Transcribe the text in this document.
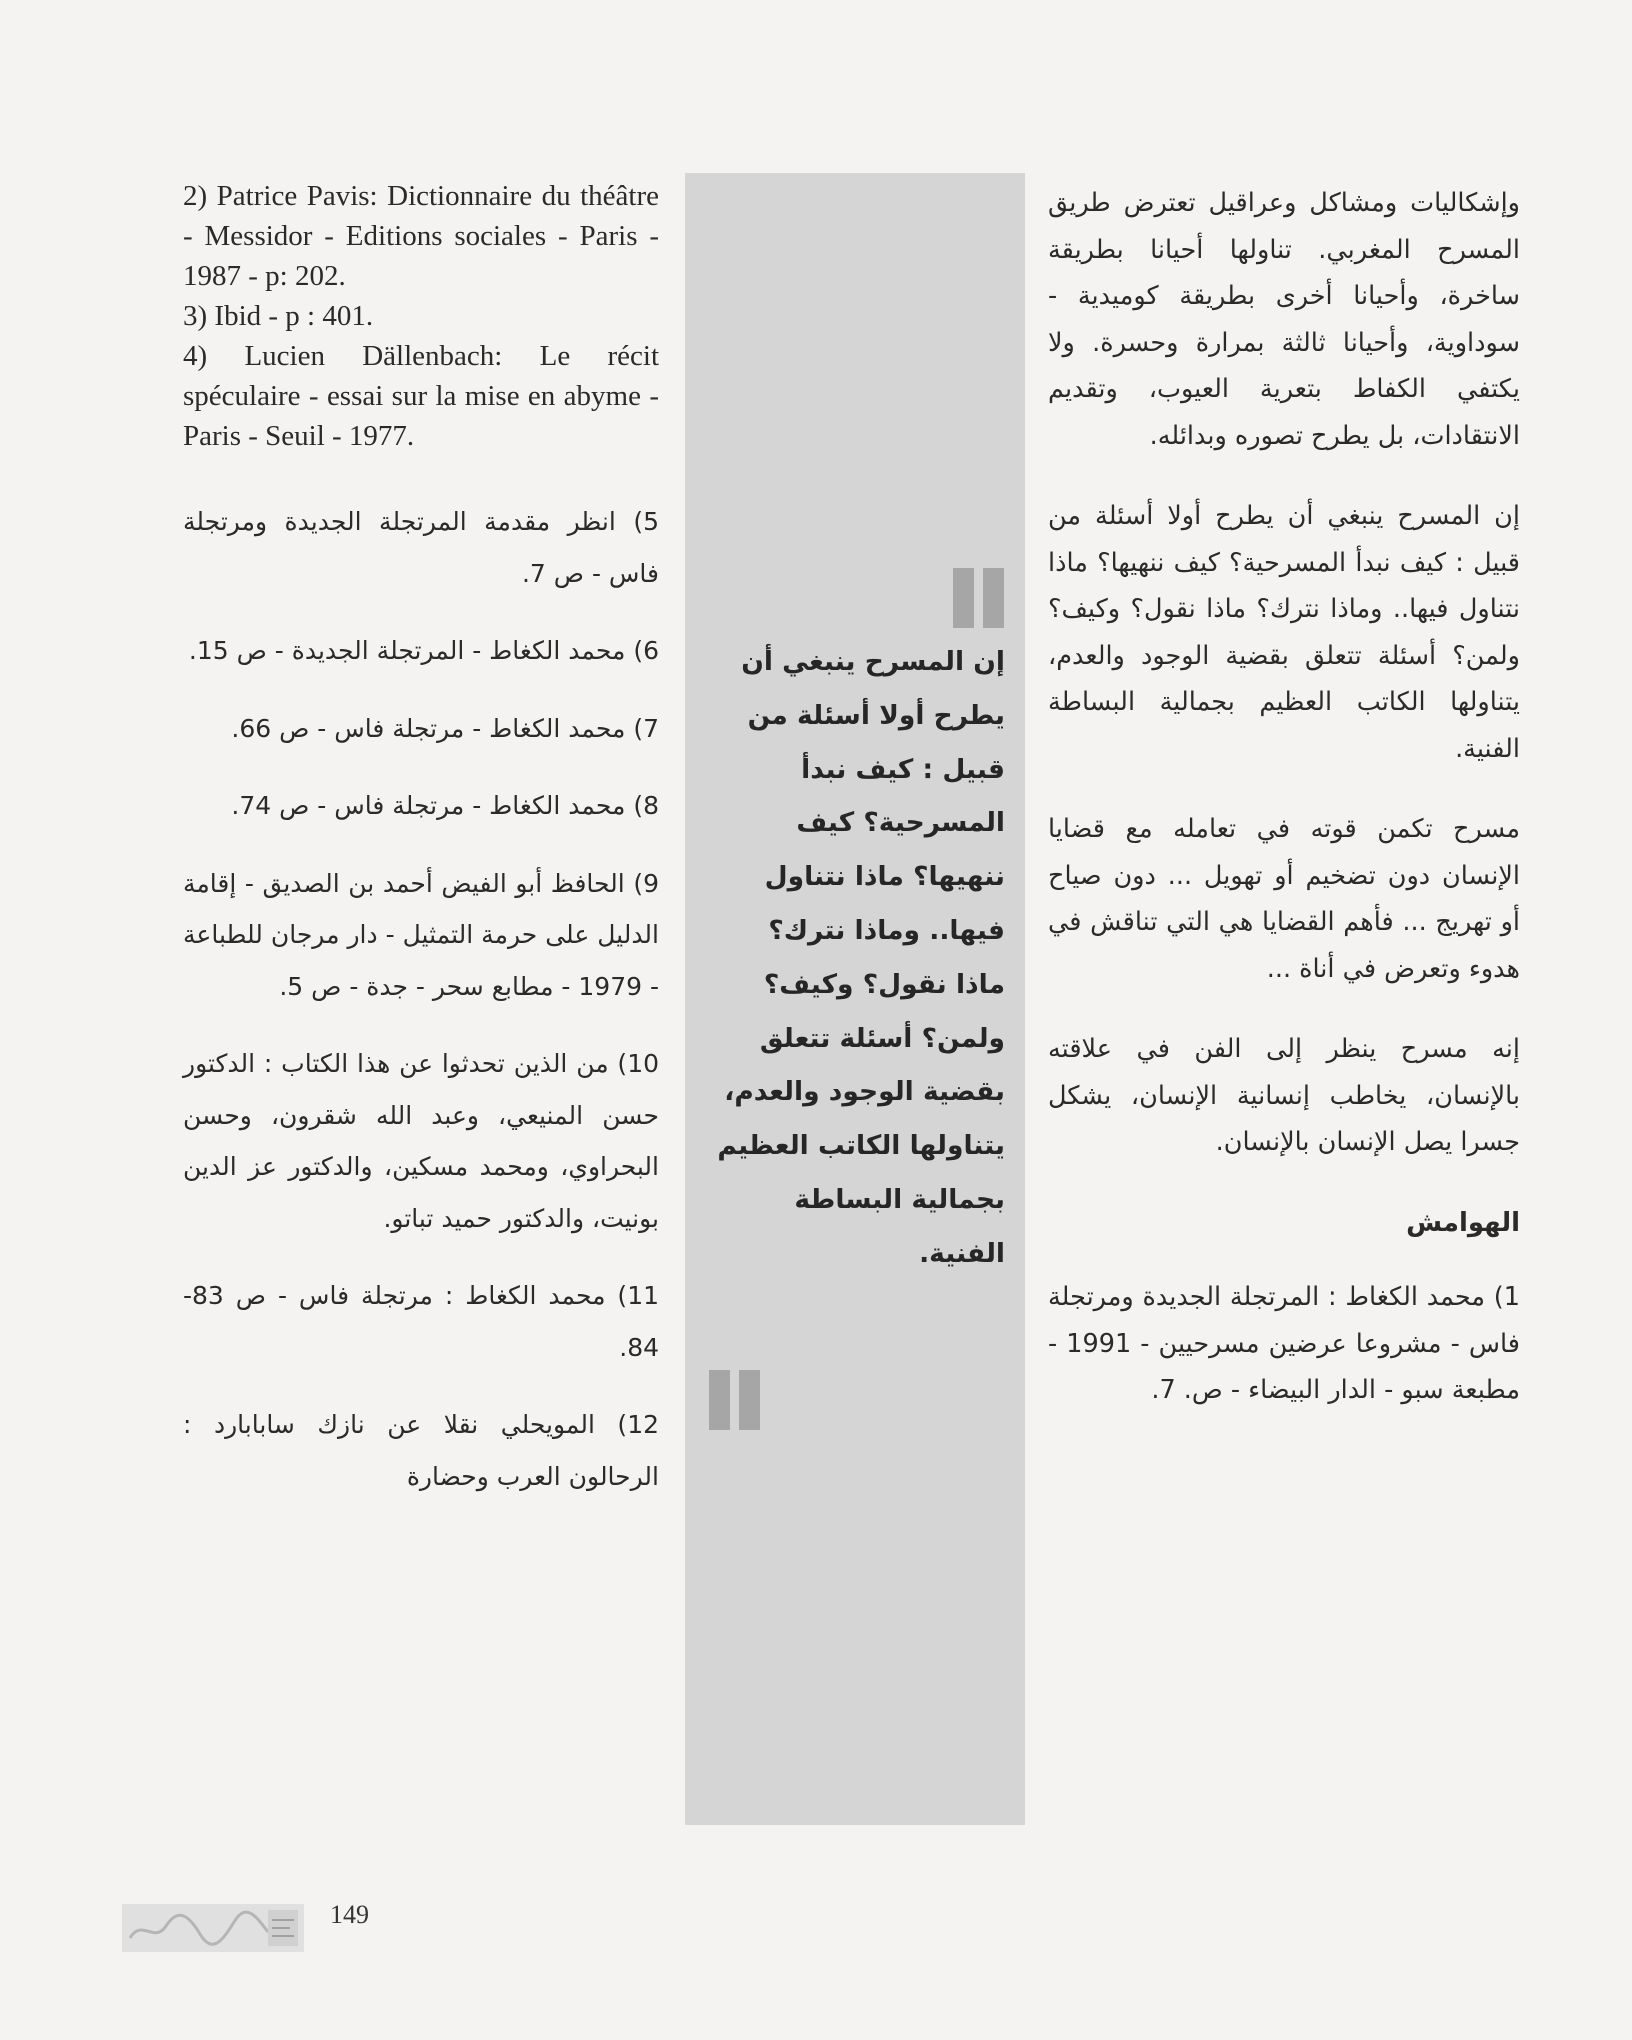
وإشكاليات ومشاكل وعراقيل تعترض طريق المسرح المغربي. تناولها أحيانا بطريقة ساخرة، وأحيانا أخرى بطريقة كوميدية - سوداوية، وأحيانا ثالثة بمرارة وحسرة. ولا يكتفي الكفاط بتعرية العيوب، وتقديم الانتقادات، بل يطرح تصوره وبدائله.

إن المسرح ينبغي أن يطرح أولا أسئلة من قبيل : كيف نبدأ المسرحية؟ كيف ننهيها؟ ماذا نتناول فيها.. وماذا نترك؟ ماذا نقول؟ وكيف؟ ولمن؟ أسئلة تتعلق بقضية الوجود والعدم، يتناولها الكاتب العظيم بجمالية البساطة الفنية.

مسرح تكمن قوته في تعامله مع قضايا الإنسان دون تضخيم أو تهويل ... دون صياح أو تهريج ... فأهم القضايا هي التي تناقش في هدوء وتعرض في أناة ...

إنه مسرح ينظر إلى الفن في علاقته بالإنسان، يخاطب إنسانية الإنسان، يشكل جسرا يصل الإنسان بالإنسان.

الهوامش

1) محمد الكغاط : المرتجلة الجديدة ومرتجلة فاس - مشروعا عرضين مسرحيين - 1991 - مطبعة سبو - الدار البيضاء - ص. 7.

إن المسرح ينبغي أن يطرح أولا أسئلة من قبيل : كيف نبدأ المسرحية؟ كيف ننهيها؟ ماذا نتناول فيها.. وماذا نترك؟ ماذا نقول؟ وكيف؟ ولمن؟ أسئلة تتعلق بقضية الوجود والعدم، يتناولها الكاتب العظيم بجمالية البساطة الفنية.

2) Patrice Pavis: Dictionnaire du théâtre - Messidor - Editions sociales - Paris - 1987 - p: 202.

3) Ibid - p : 401.

4) Lucien Dällenbach: Le récit spéculaire - essai sur la mise en abyme - Paris - Seuil - 1977.

5) انظر مقدمة المرتجلة الجديدة ومرتجلة فاس - ص 7.

6) محمد الكغاط - المرتجلة الجديدة - ص 15.

7) محمد الكغاط - مرتجلة فاس - ص 66.

8) محمد الكغاط - مرتجلة فاس - ص 74.

9) الحافظ أبو الفيض أحمد بن الصديق - إقامة الدليل على حرمة التمثيل - دار مرجان للطباعة - 1979 - مطابع سحر - جدة - ص 5.

10) من الذين تحدثوا عن هذا الكتاب : الدكتور حسن المنيعي، وعبد الله شقرون، وحسن البحراوي، ومحمد مسكين، والدكتور عز الدين بونيت، والدكتور حميد تباتو.

11) محمد الكغاط : مرتجلة فاس - ص 83- 84.

12) المويحلي نقلا عن نازك سابابارد : الرحالون العرب وحضارة

149
